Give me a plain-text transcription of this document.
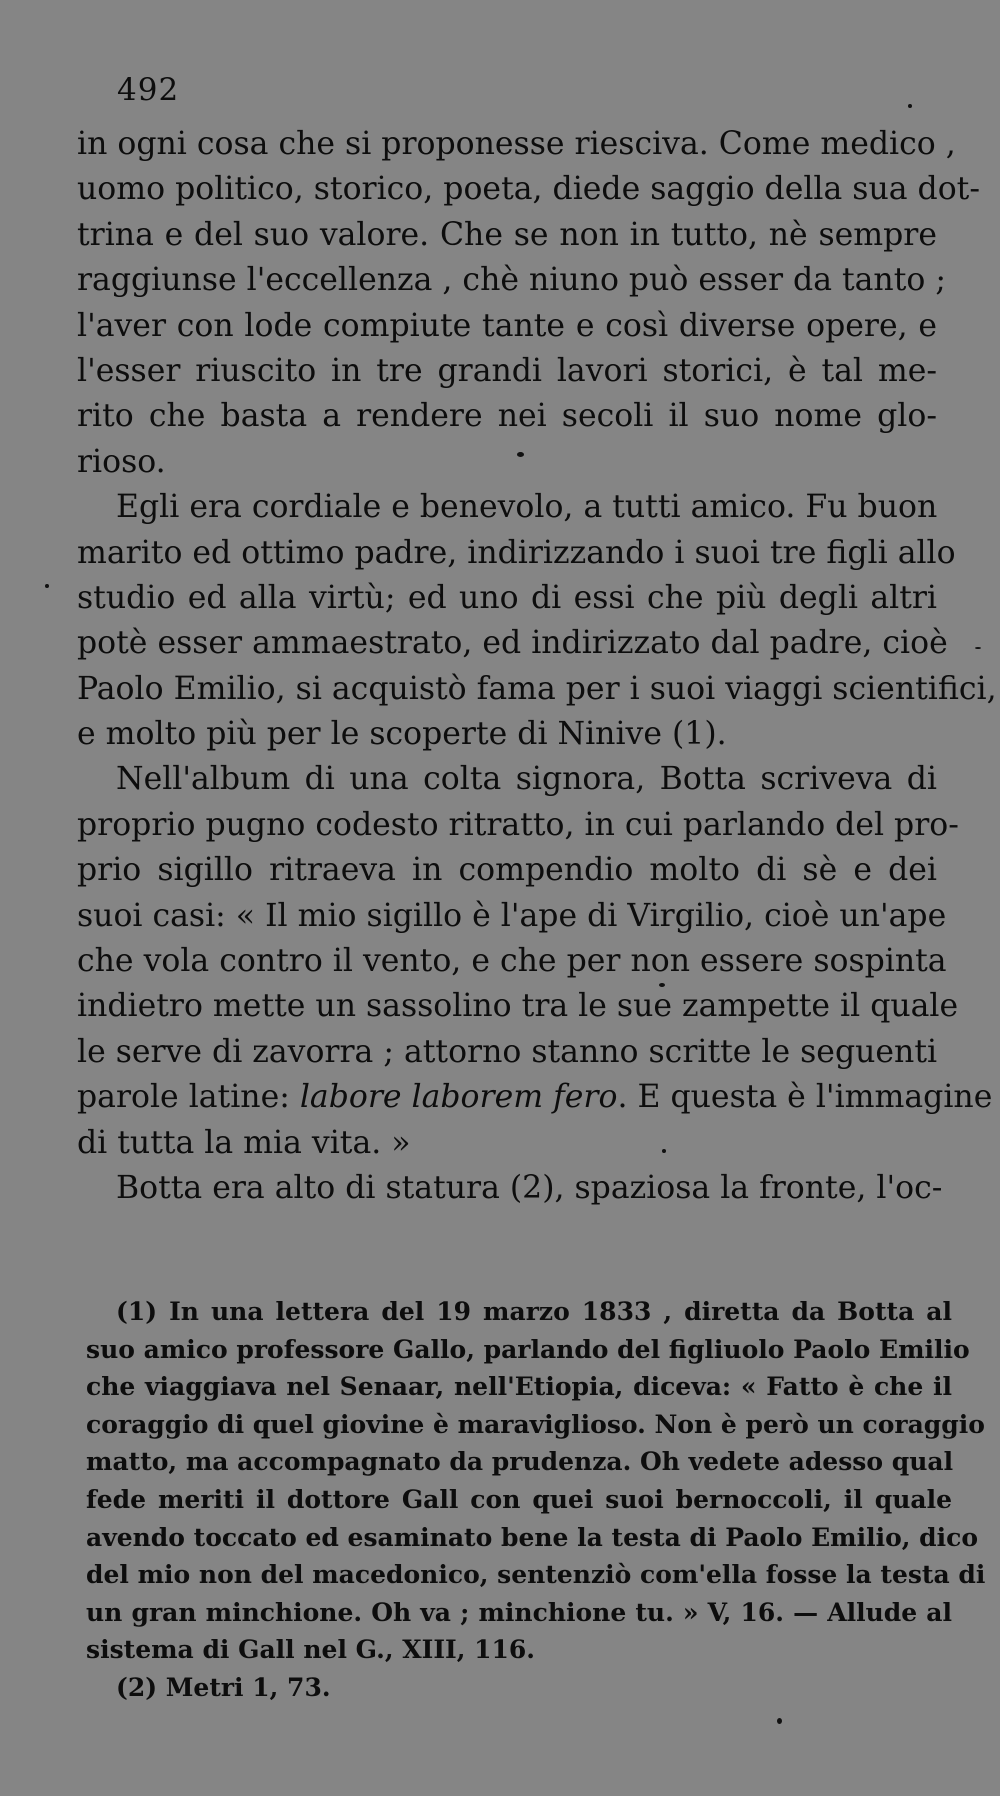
492
in ogni cosa che si proponesse riesciva. Come medico ,
uomo politico, storico, poeta, diede saggio della sua dot-
trina e del suo valore. Che se non in tutto, nè sempre
raggiunse l'eccellenza , chè niuno può esser da tanto ;
l'aver con lode compiute tante e così diverse opere, e
l'esser riuscito in tre grandi lavori storici, è tal me-
rito che basta a rendere nei secoli il suo nome glo-
rioso.
Egli era cordiale e benevolo, a tutti amico. Fu buon
marito ed ottimo padre, indirizzando i suoi tre figli allo
studio ed alla virtù; ed uno di essi che più degli altri
potè esser ammaestrato, ed indirizzato dal padre, cioè
Paolo Emilio, si acquistò fama per i suoi viaggi scientifici,
e molto più per le scoperte di Ninive (1).
Nell'album di una colta signora, Botta scriveva di
proprio pugno codesto ritratto, in cui parlando del pro-
prio sigillo ritraeva in compendio molto di sè e dei
suoi casi: « Il mio sigillo è l'ape di Virgilio, cioè un'ape
che vola contro il vento, e che per non essere sospinta
indietro mette un sassolino tra le sue zampette il quale
le serve di zavorra ; attorno stanno scritte le seguenti
parole latine: labore laborem fero. E questa è l'immagine
di tutta la mia vita. »
Botta era alto di statura (2), spaziosa la fronte, l'oc-
(1) In una lettera del 19 marzo 1833 , diretta da Botta al
suo amico professore Gallo, parlando del figliuolo Paolo Emilio
che viaggiava nel Senaar, nell'Etiopia, diceva: « Fatto è che il
coraggio di quel giovine è maraviglioso. Non è però un coraggio
matto, ma accompagnato da prudenza. Oh vedete adesso qual
fede meriti il dottore Gall con quei suoi bernoccoli, il quale
avendo toccato ed esaminato bene la testa di Paolo Emilio, dico
del mio non del macedonico, sentenziò com'ella fosse la testa di
un gran minchione. Oh va ; minchione tu. » V, 16. — Allude al
sistema di Gall nel G., XIII, 116.
(2) Metri 1, 73.
